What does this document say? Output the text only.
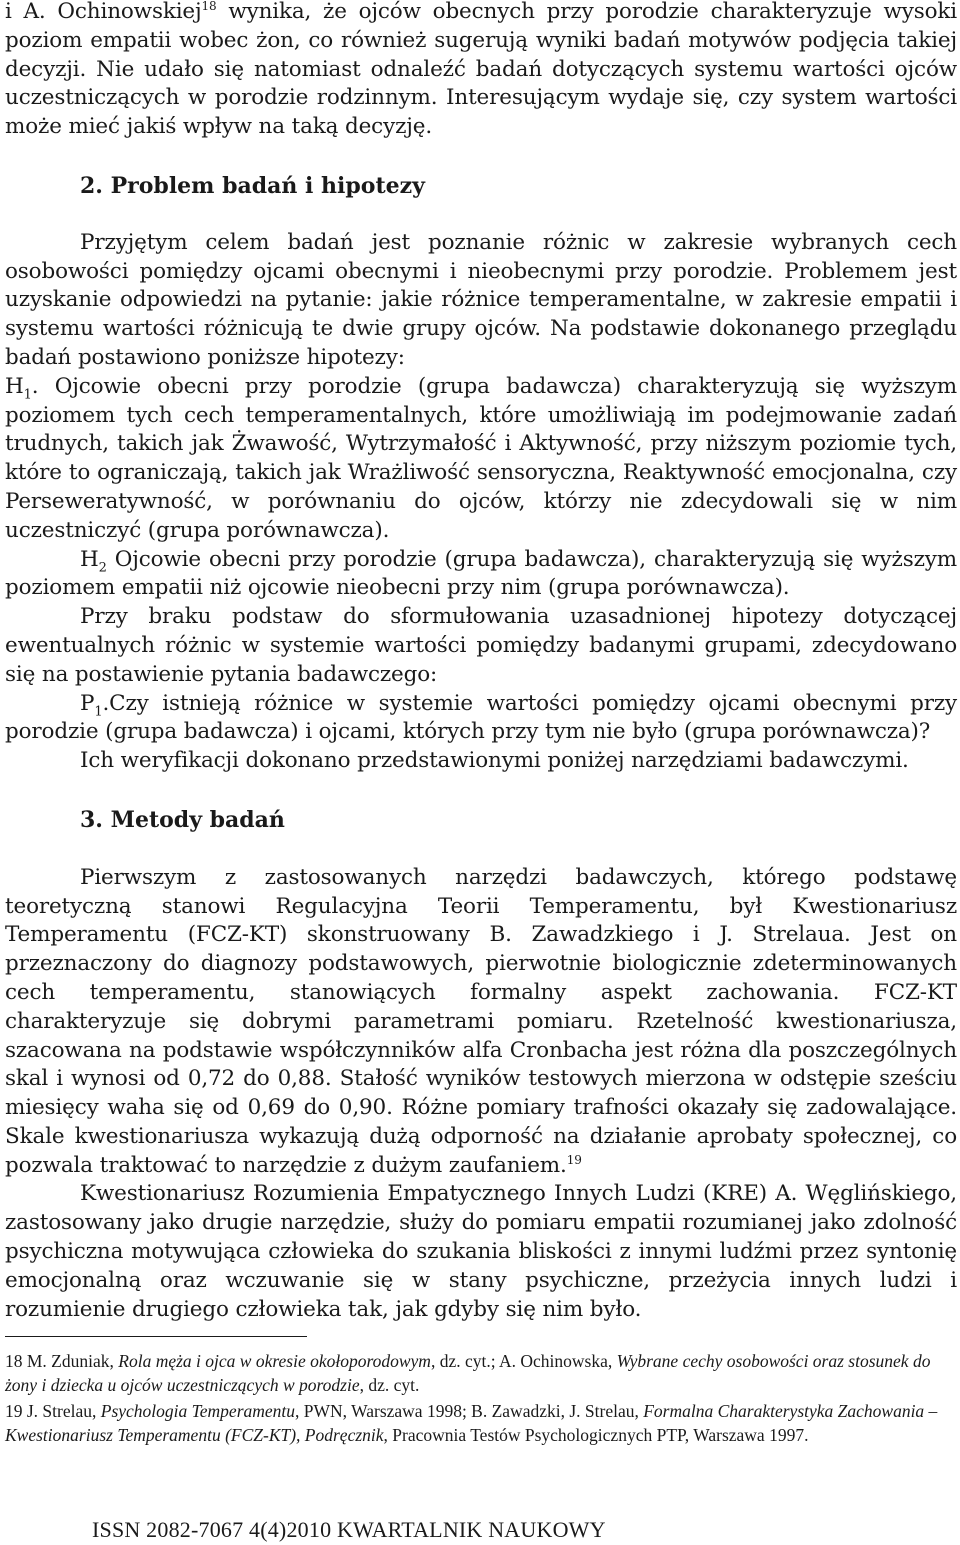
i A. Ochinowskiej$^{18}$ wynika, że ojców obecnych przy porodzie charakteryzuje wysoki poziom empatii wobec żon, co również sugerują wyniki badań motywów podjęcia takiej decyzji. Nie udało się natomiast odnaleźć badań dotyczących systemu wartości ojców uczestniczących w porodzie rodzinnym. Interesującym wydaje się, czy system wartości może mieć jakiś wpływ na taką decyzję.

2. Problem badań i hipotezy

Przyjętym celem badań jest poznanie różnic w zakresie wybranych cech osobowości pomiędzy ojcami obecnymi i nieobecnymi przy porodzie. Problemem jest uzyskanie odpowiedzi na pytanie: jakie różnice temperamentalne, w zakresie empatii i systemu wartości różnicują te dwie grupy ojców. Na podstawie dokonanego przeglądu badań postawiono poniższe hipotezy:

$H_1$. Ojcowie obecni przy porodzie (grupa badawcza) charakteryzują się wyższym poziomem tych cech temperamentalnych, które umożliwiają im podejmowanie zadań trudnych, takich jak Żwawość, Wytrzymałość i Aktywność, przy niższym poziomie tych, które to ograniczają, takich jak Wrażliwość sensoryczna, Reaktywność emocjonalna, czy Perseweratywność, w porównaniu do ojców, którzy nie zdecydowali się w nim uczestniczyć (grupa porównawcza).

$H_2$ Ojcowie obecni przy porodzie (grupa badawcza), charakteryzują się wyższym poziomem empatii niż ojcowie nieobecni przy nim (grupa porównawcza).

Przy braku podstaw do sformułowania uzasadnionej hipotezy dotyczącej ewentualnych różnic w systemie wartości pomiędzy badanymi grupami, zdecydowano się na postawienie pytania badawczego:

$P_1.Czy$ istnieją różnice w systemie wartości pomiędzy ojcami obecnymi przy porodzie (grupa badawcza) i ojcami, których przy tym nie było (grupa porównawcza)?

Ich weryfikacji dokonano przedstawionymi poniżej narzędziami badawczymi.

3. Metody badań

Pierwszym z zastosowanych narzędzi badawczych, którego podstawę teoretyczną stanowi Regulacyjna Teorii Temperamentu, był Kwestionariusz Temperamentu (FCZ-KT) skonstruowany B. Zawadzkiego i J. Strelaua. Jest on przeznaczony do diagnozy podstawowych, pierwotnie biologicznie zdeterminowanych cech temperamentu, stanowiących formalny aspekt zachowania. FCZ-KT charakteryzuje się dobrymi parametrami pomiaru. Rzetelność kwestionariusza, szacowana na podstawie współczynników alfa Cronbacha jest różna dla poszczególnych skal i wynosi od 0,72 do 0,88. Stałość wyników testowych mierzona w odstępie sześciu miesięcy waha się od 0,69 do 0,90. Różne pomiary trafności okazały się zadowalające. Skale kwestionariusza wykazują dużą odporność na działanie aprobaty społecznej, co pozwala traktować to narzędzie z dużym zaufaniem.$^{19}$

Kwestionariusz Rozumienia Empatycznego Innych Ludzi (KRE) A. Węglińskiego, zastosowany jako drugie narzędzie, służy do pomiaru empatii rozumianej jako zdolność psychiczna motywująca człowieka do szukania bliskości z innymi ludźmi przez syntonię emocjonalną oraz wczuwanie się w stany psychiczne, przeżycia innych ludzi i rozumienie drugiego człowieka tak, jak gdyby się nim było.

18 M. Zduniak, Rola mężа i ojca w okresie okołoporodowym, dz. cyt.; A. Ochinowska, Wybrane cechy osobowości oraz stosunek do żony i dziecka u ojców uczestniczących w porodzie, dz. cyt.

19 J. Strelau, Psychologia Temperamentu, PWN, Warszawa 1998; B. Zawadzki, J. Strelau, Formalna Charakterystyka Zachowania – Kwestionariusz Temperamentu (FCZ-KT), Podręcznik, Pracownia Testów Psychologicznych PTP, Warszawa 1997.

ISSN 2082-7067 4(4)2010 KWARTALNIK NAUKOWY
